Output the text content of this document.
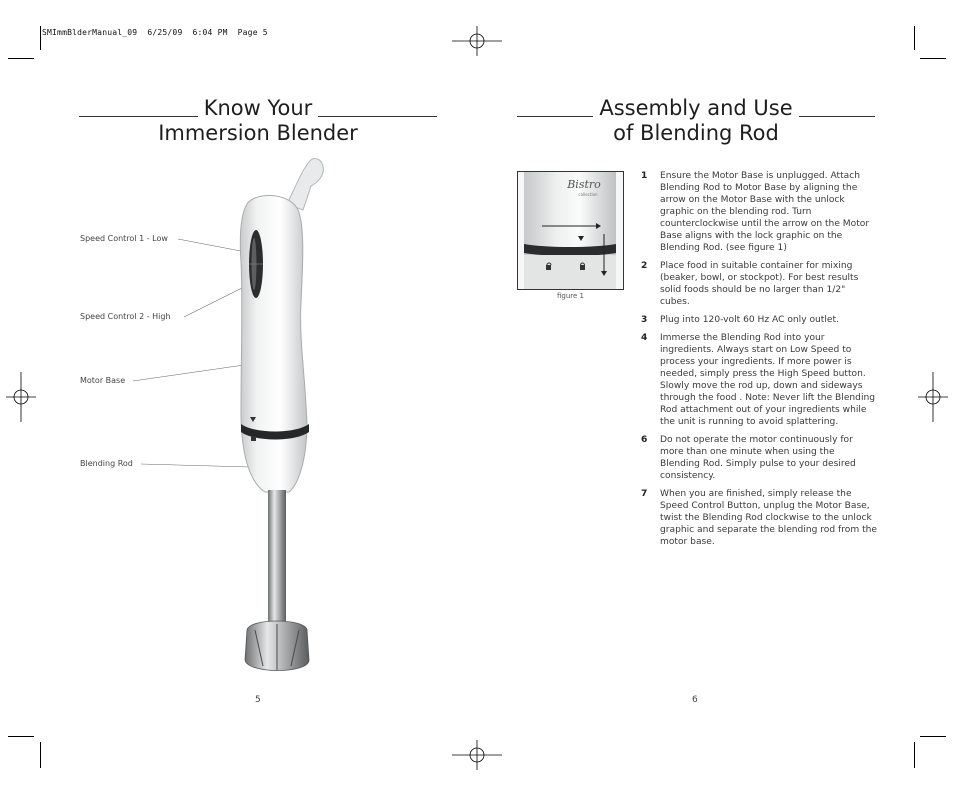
SMImmBlderManual_09  6/25/09  6:04 PM  Page 5
Know Your
Immersion Blender
Speed Control 1 - Low
Speed Control 2 - High
Motor Base
Blending Rod
5
Assembly and Use
of Blending Rod
Bistro
collection
figure 1
1	Ensure the Motor Base is unplugged. Attach Blending Rod to Motor Base by aligning the arrow on the Motor Base with the unlock graphic on the blending rod. Turn counterclockwise until the arrow on the Motor Base aligns with the lock graphic on the Blending Rod. (see figure 1)
2	Place food in suitable container for mixing (beaker, bowl, or stockpot). For best results solid foods should be no larger than 1/2" cubes.
3	Plug into 120-volt 60 Hz AC only outlet.
4	Immerse the Blending Rod into your ingredients. Always start on Low Speed to process your ingredients. If more power is needed, simply press the High Speed button. Slowly move the rod up, down and sideways through the food . Note: Never lift the Blending Rod attachment out of your ingredients while the unit is running to avoid splattering.
6	Do not operate the motor continuously for more than one minute when using the Blending Rod. Simply pulse to your desired consistency.
7	When you are finished, simply release the Speed Control Button, unplug the Motor Base, twist the Blending Rod clockwise to the unlock graphic and separate the blending rod from the motor base.
6
